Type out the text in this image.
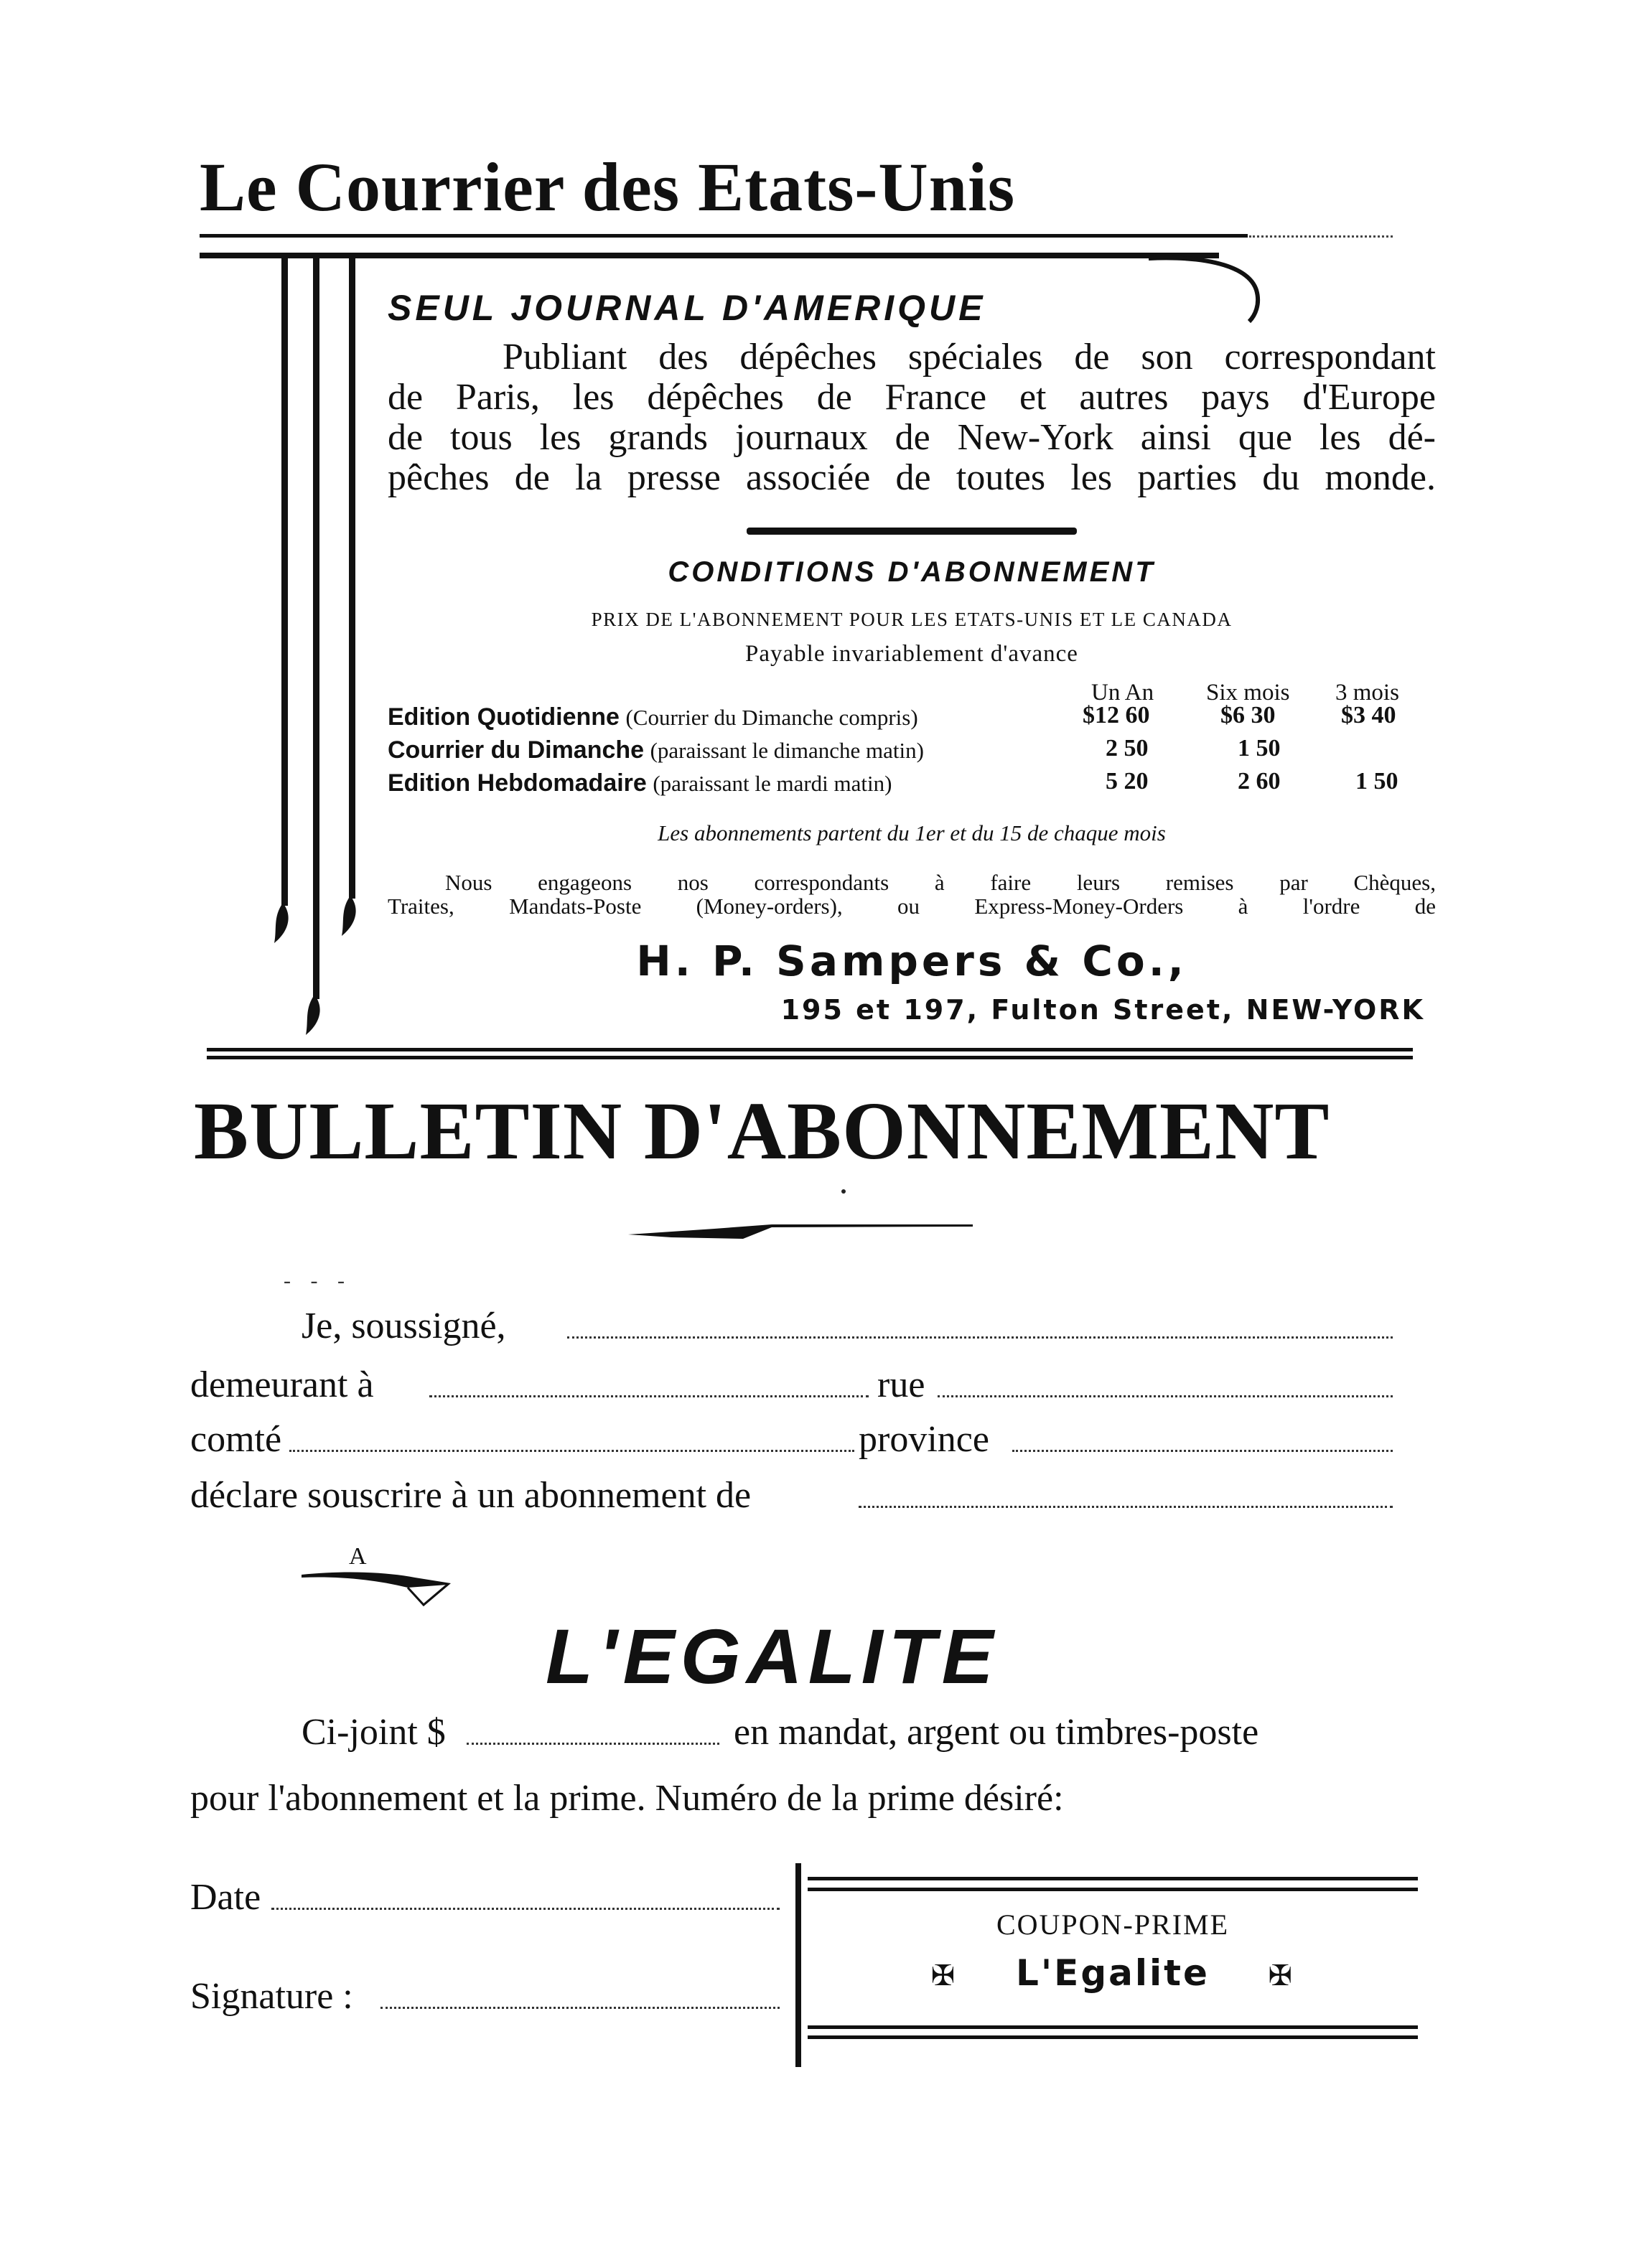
Le Courrier des Etats-Unis
SEUL JOURNAL D'AMERIQUE
Publiant des dépêches spéciales de son correspondant
de Paris, les dépêches de France et autres pays d'Europe
de tous les grands journaux de New-York ainsi que les dé-
pêches de la presse associée de toutes les parties du monde.
CONDITIONS D'ABONNEMENT
PRIX DE L'ABONNEMENT POUR LES ETATS-UNIS ET LE CANADA
Payable invariablement d'avance
Un An Six mois 3 mois
Edition Quotidienne (Courrier du Dimanche compris)	$12 60	$6 30	$3 40
Courrier du Dimanche (paraissant le dimanche matin)	2 50	1 50
Edition Hebdomadaire (paraissant le mardi matin)	5 20	2 60	1 50
Les abonnements partent du 1er et du 15 de chaque mois
Nous engageons nos correspondants à faire leurs remises par Chèques,
Traites, Mandats-Poste (Money-orders), ou Express-Money-Orders à l'ordre de
H. P. Sampers & Co.,
195 et 197, Fulton Street, NEW-YORK
BULLETIN D'ABONNEMENT
- - -
Je, soussigné,
demeurant à	rue
comté	province
déclare souscrire à un abonnement de
A
L'EGALITE
Ci-joint $	en mandat, argent ou timbres-poste
pour l'abonnement et la prime. Numéro de la prime désiré:
Date
Signature :
COUPON-PRIME
✠ L'Egalite ✠
